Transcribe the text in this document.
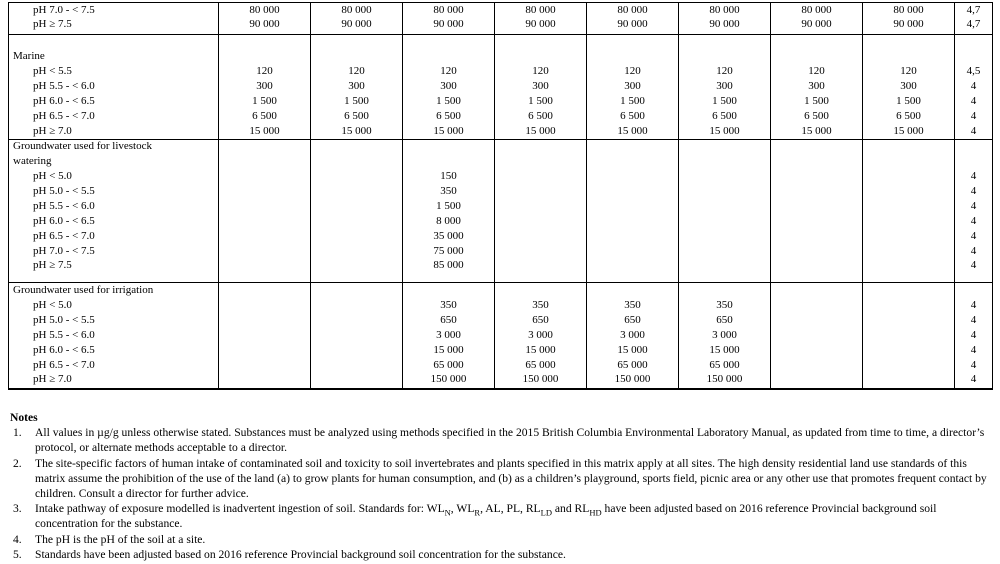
pH 7.0 - < 7.5	80 000	80 000	80 000	80 000	80 000	80 000	80 000	80 000	4,7
pH ≥ 7.5	90 000	90 000	90 000	90 000	90 000	90 000	90 000	90 000	4,7

Marine									
pH < 5.5	120	120	120	120	120	120	120	120	4,5
pH 5.5 - < 6.0	300	300	300	300	300	300	300	300	4
pH 6.0 - < 6.5	1 500	1 500	1 500	1 500	1 500	1 500	1 500	1 500	4
pH 6.5 - < 7.0	6 500	6 500	6 500	6 500	6 500	6 500	6 500	6 500	4
pH ≥ 7.0	15 000	15 000	15 000	15 000	15 000	15 000	15 000	15 000	4
Groundwater used for livestock									
watering									
pH < 5.0			150						4
pH 5.0 - < 5.5			350						4
pH 5.5 - < 6.0			1 500						4
pH 6.0 - < 6.5			8 000						4
pH 6.5 - < 7.0			35 000						4
pH 7.0 - < 7.5			75 000						4
pH ≥ 7.5			85 000						4
Groundwater used for irrigation									
pH < 5.0			350	350	350	350			4
pH 5.0 - < 5.5			650	650	650	650			4
pH 5.5 - < 6.0			3 000	3 000	3 000	3 000			4
pH 6.0 - < 6.5			15 000	15 000	15 000	15 000			4
pH 6.5 - < 7.0			65 000	65 000	65 000	65 000			4
pH ≥ 7.0			150 000	150 000	150 000	150 000			4
Notes
1.	All values in µg/g unless otherwise stated. Substances must be analyzed using methods specified in the 2015 British Columbia Environmental Laboratory Manual, as updated from time to time, a director’s protocol, or alternate methods acceptable to a director.
2.	The site-specific factors of human intake of contaminated soil and toxicity to soil invertebrates and plants specified in this matrix apply at all sites. The high density residential land use standards of this matrix assume the prohibition of the use of the land (a) to grow plants for human consumption, and (b) as a children’s playground, sports field, picnic area or any other use that promotes frequent contact by children. Consult a director for further advice.
3.	Intake pathway of exposure modelled is inadvertent ingestion of soil. Standards for: $WL_N$, $WL_R$, AL, PL, $RL_{LD}$ and $RL_{HD}$ have been adjusted based on 2016 reference Provincial background soil concentration for the substance.
4.	The pH is the pH of the soil at a site.
5.	Standards have been adjusted based on 2016 reference Provincial background soil concentration for the substance.
